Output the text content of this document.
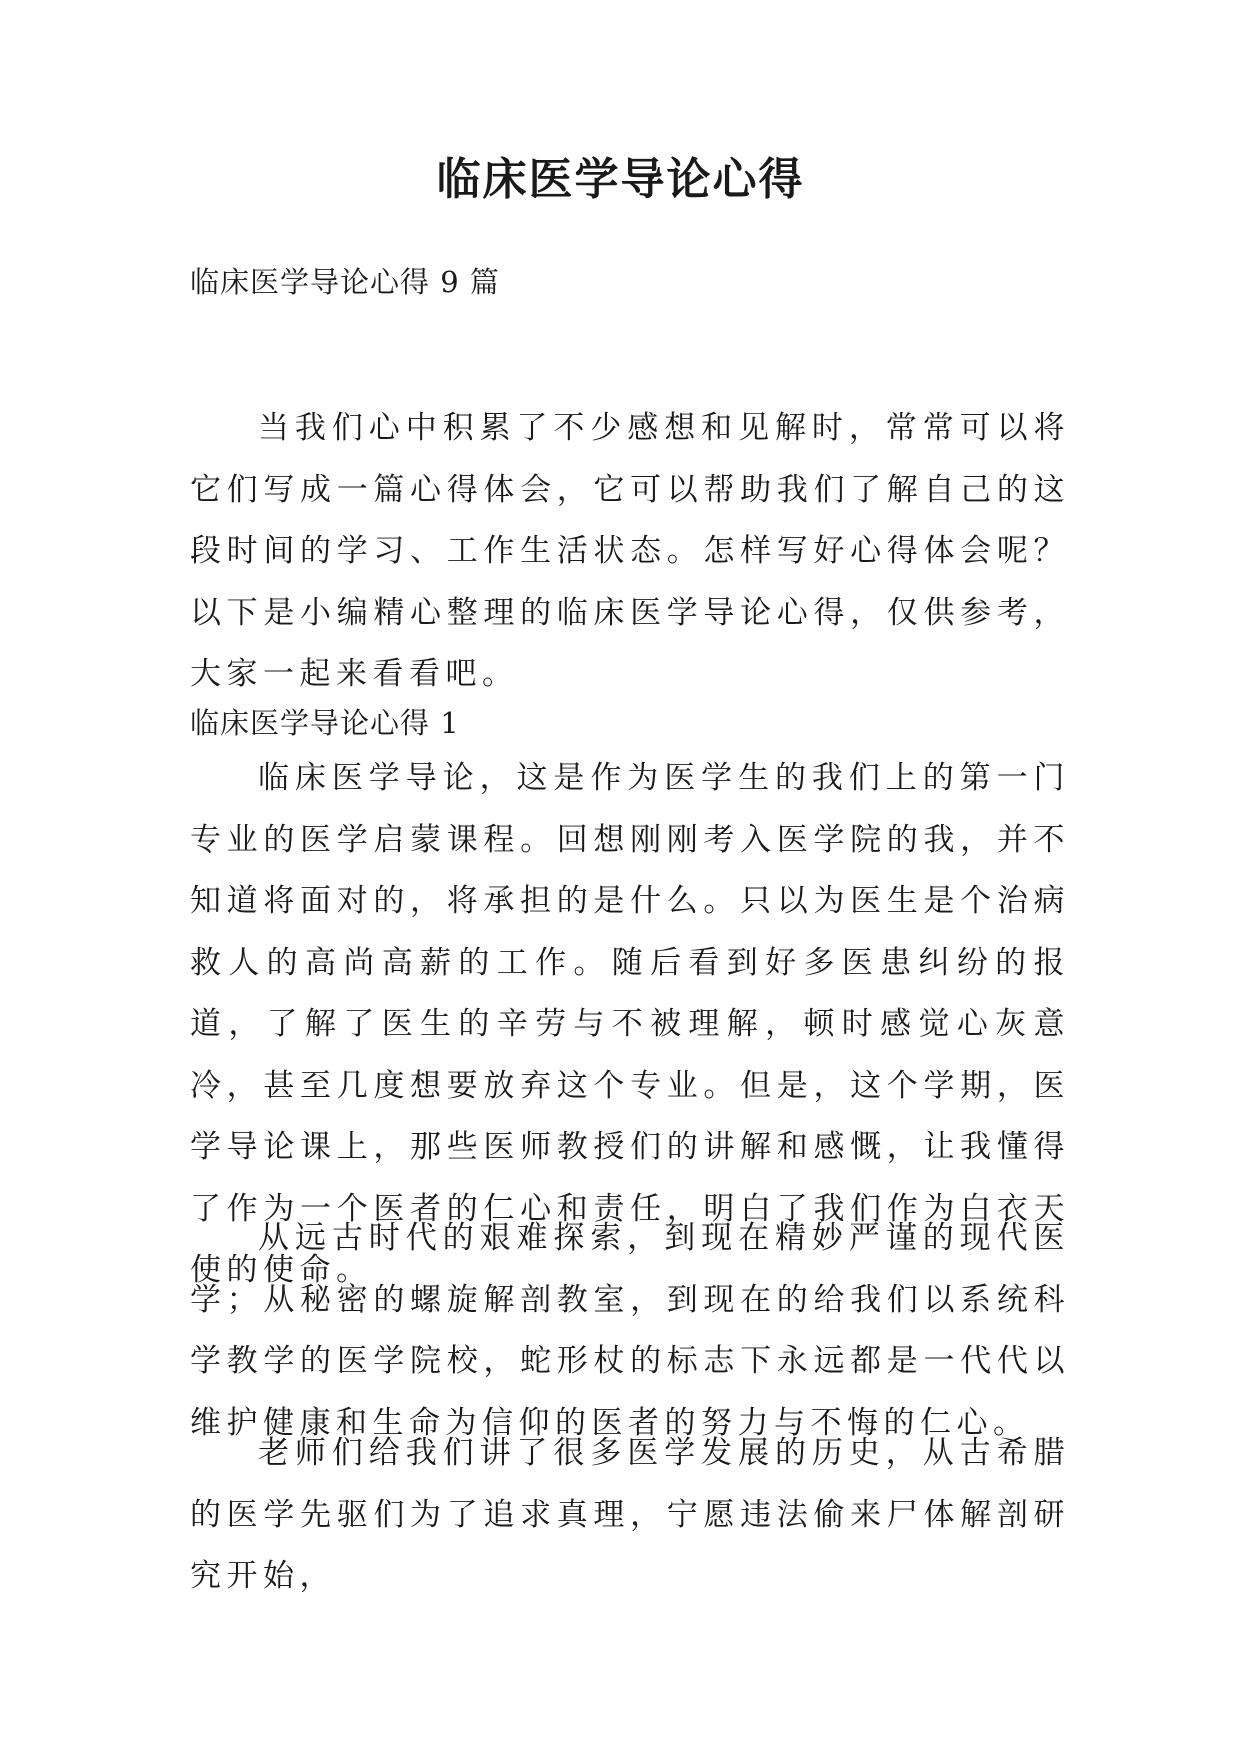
临床医学导论心得

临床医学导论心得 9 篇

当我们心中积累了不少感想和见解时，常常可以将它们写成一篇心得体会，它可以帮助我们了解自己的这段时间的学习、工作生活状态。怎样写好心得体会呢？以下是小编精心整理的临床医学导论心得，仅供参考，大家一起来看看吧。

临床医学导论心得 1

临床医学导论，这是作为医学生的我们上的第一门专业的医学启蒙课程。回想刚刚考入医学院的我，并不知道将面对的，将承担的是什么。只以为医生是个治病救人的高尚高薪的工作。随后看到好多医患纠纷的报道，了解了医生的辛劳与不被理解，顿时感觉心灰意冷，甚至几度想要放弃这个专业。但是，这个学期，医学导论课上，那些医师教授们的讲解和感慨，让我懂得了作为一个医者的仁心和责任，明白了我们作为白衣天使的使命。

从远古时代的艰难探索，到现在精妙严谨的现代医学；从秘密的螺旋解剖教室，到现在的给我们以系统科学教学的医学院校，蛇形杖的标志下永远都是一代代以维护健康和生命为信仰的医者的努力与不悔的仁心。

老师们给我们讲了很多医学发展的历史，从古希腊的医学先驱们为了追求真理，宁愿违法偷来尸体解剖研究开始，
